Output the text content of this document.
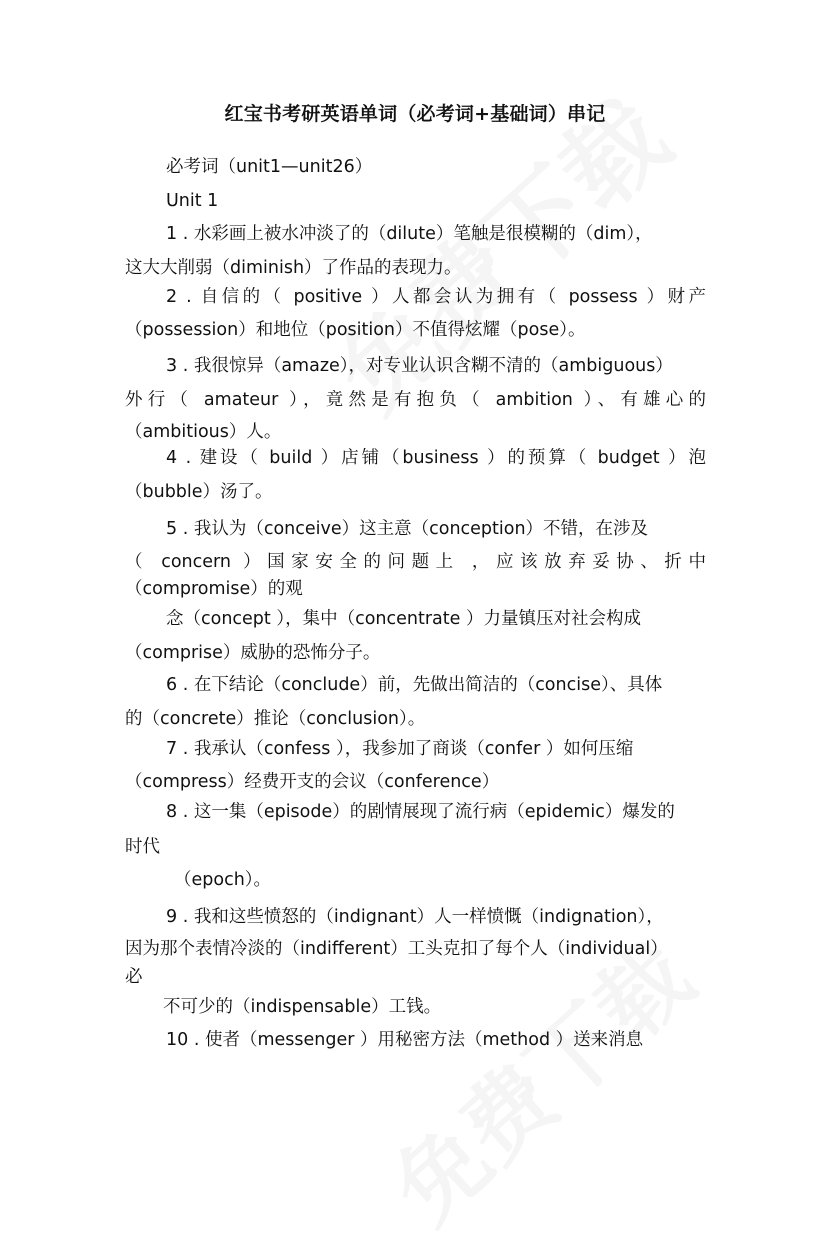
红宝书考研英语单词（必考词+基础词）串记
必考词（unit1—unit26）
Unit 1
1 . 水彩画上被水冲淡了的（dilute）笔触是很模糊的（dim），
这大大削弱（diminish）了作品的表现力。
2 . 自信的（ positive ）人都会认为拥有（ possess ）财产
（possession）和地位（position）不值得炫耀（pose）。
3 . 我很惊异（amaze），对专业认识含糊不清的（ambiguous）
外行（ amateur ），竟然是有抱负（ ambition ）、有雄心的
（ambitious）人。
4 . 建设（ build ）店铺（business ）的预算（ budget ）泡
（bubble）汤了。
5 . 我认为（conceive）这主意（conception）不错，在涉及
（ concern ）国家安全的问题上 ，应该放弃妥协、折中
（compromise）的观
念（concept ），集中（concentrate ）力量镇压对社会构成
（comprise）威胁的恐怖分子。
6 . 在下结论（conclude）前，先做出简洁的（concise）、具体
的（concrete）推论（conclusion）。
7 . 我承认（confess ），我参加了商谈（confer ）如何压缩
（compress）经费开支的会议（conference）
8 . 这一集（episode）的剧情展现了流行病（epidemic）爆发的
时代
（epoch）。
9 . 我和这些愤怒的（indignant）人一样愤慨（indignation），
因为那个表情冷淡的（indifferent）工头克扣了每个人（individual）
必
不可少的（indispensable）工钱。
10 . 使者（messenger ）用秘密方法（method ）送来消息
